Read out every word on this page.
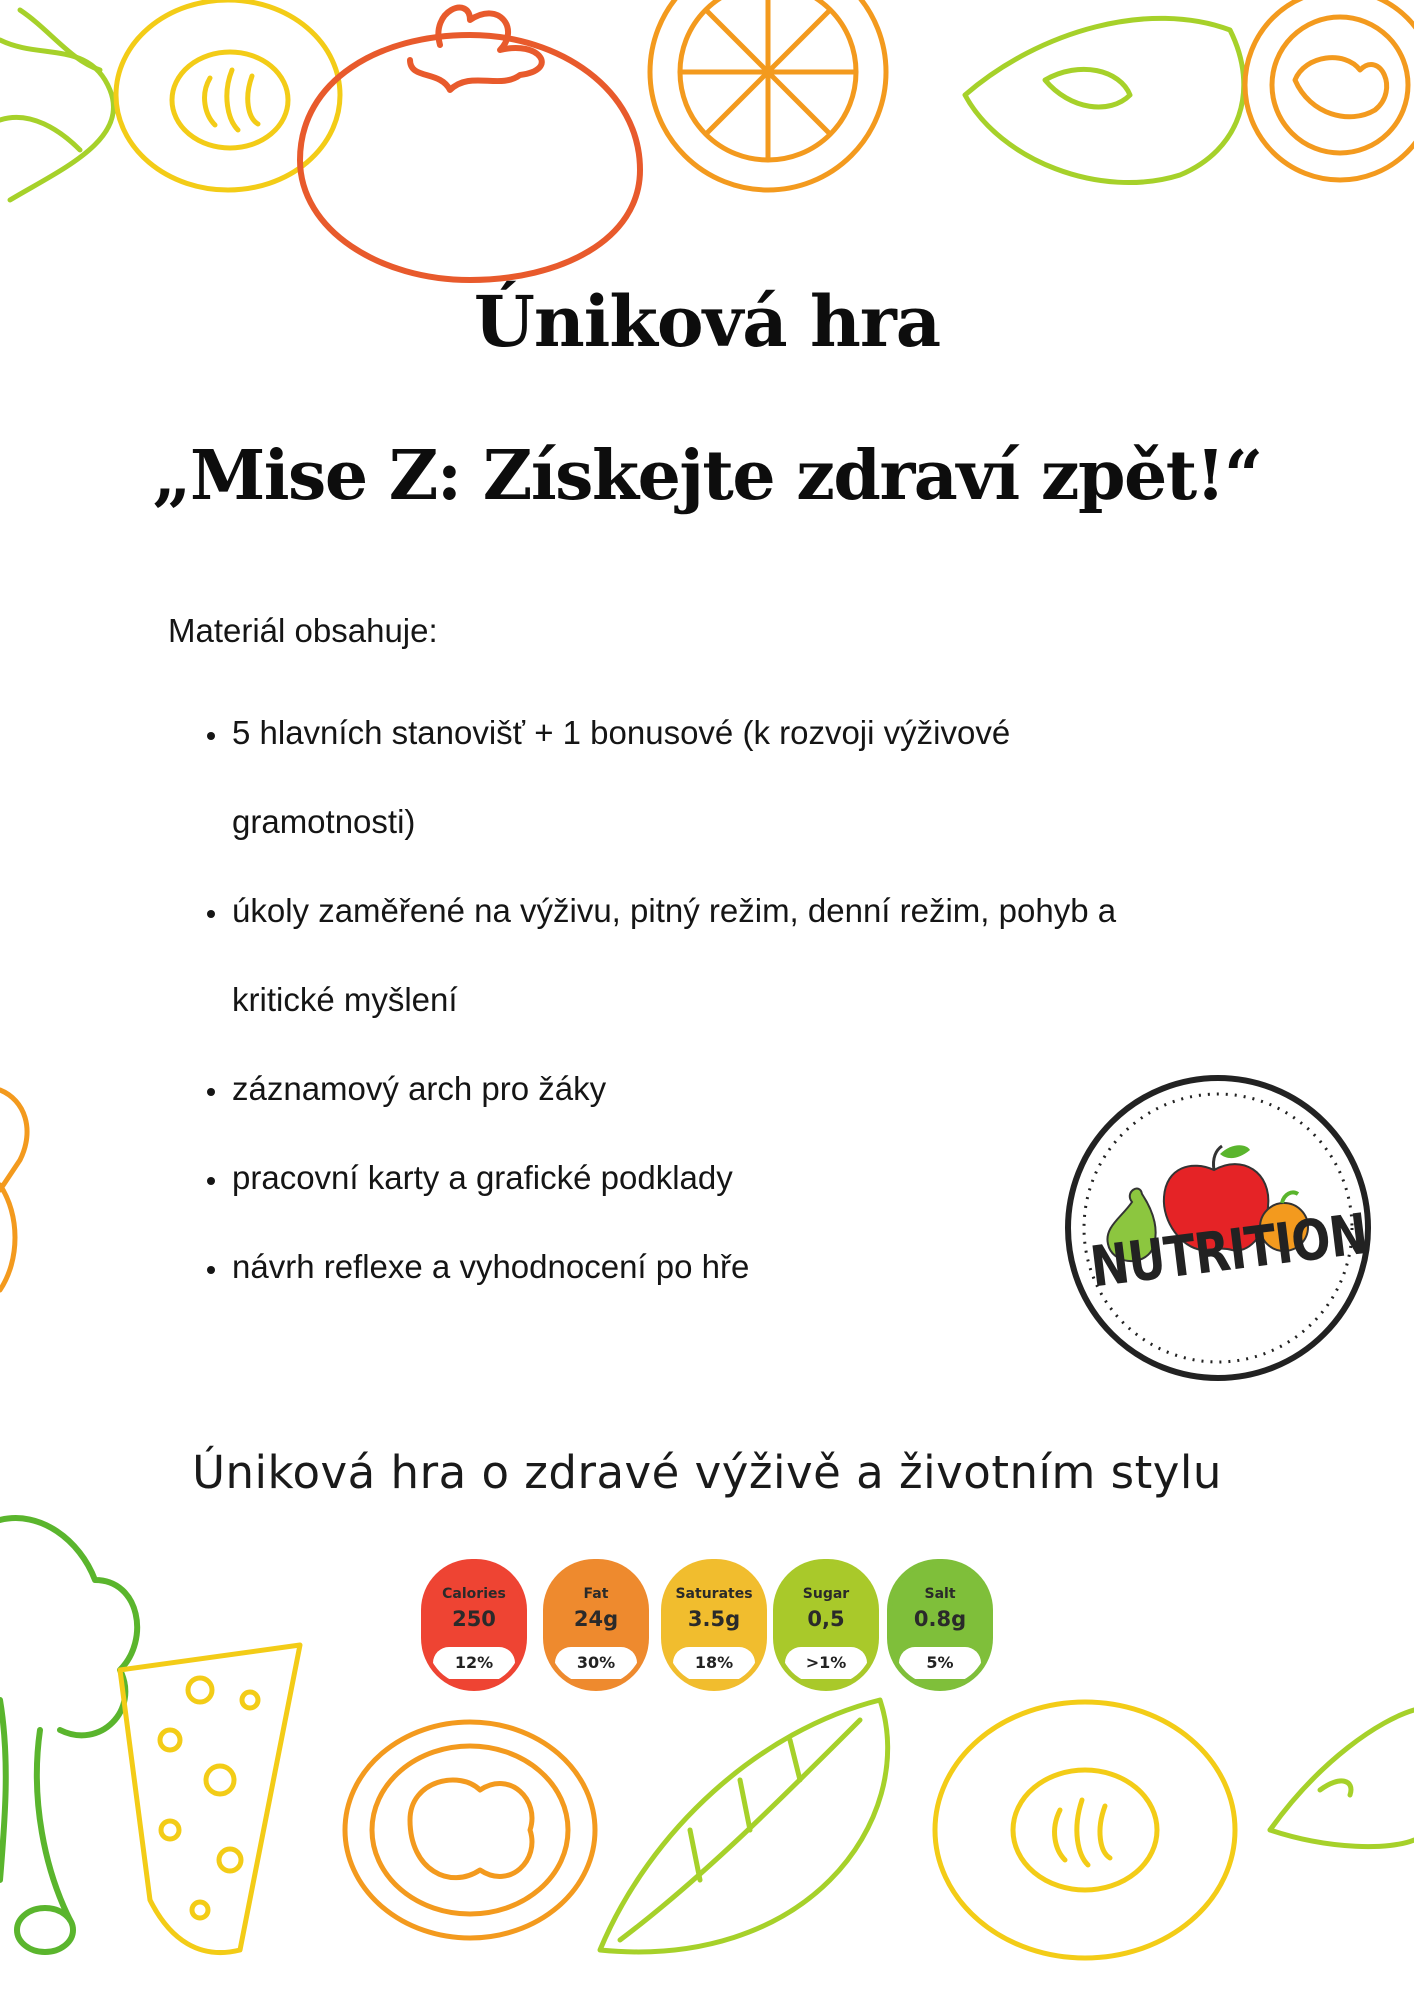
Úniková hra
„Mise Z: Získejte zdraví zpět!“
Materiál obsahuje:
• 5 hlavních stanovišť + 1 bonusové (k rozvoji výživové gramotnosti)
• úkoly zaměřené na výživu, pitný režim, denní režim, pohyb a kritické myšlení
• záznamový arch pro žáky
• pracovní karty a grafické podklady
• návrh reflexe a vyhodnocení po hře	NUTRITION
Úniková hra o zdravé výživě a životním stylu
Calories
250
12%
Fat
24g
30%
Saturates
3.5g
18%
Sugar
0,5
>1%
Salt
0.8g
5%
